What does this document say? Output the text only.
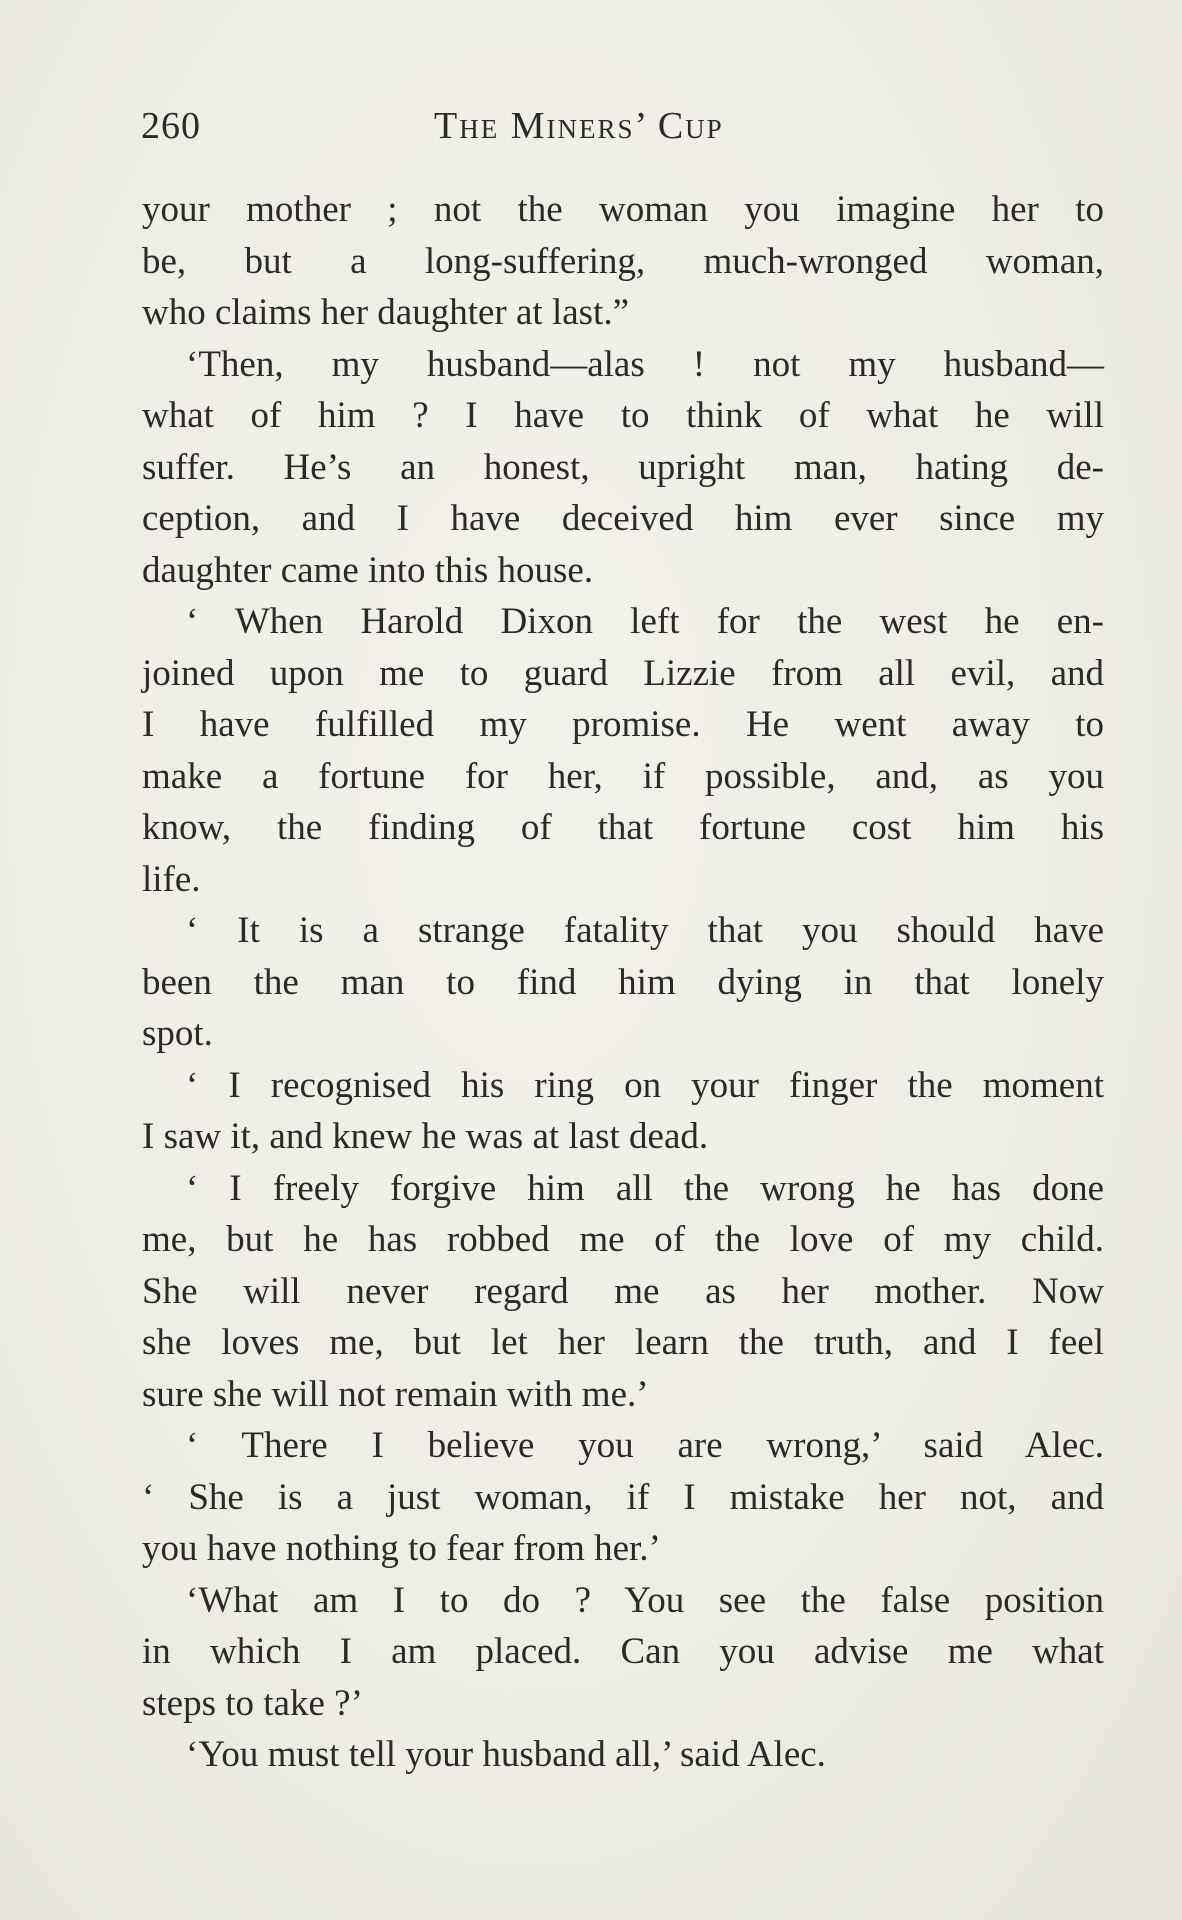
260	The Miners’ Cup
your mother ; not the woman you imagine her to
be, but a long-suffering, much-wronged woman,
who claims her daughter at last.”
‘Then, my husband—alas ! not my husband—
what of him ? I have to think of what he will
suffer. He’s an honest, upright man, hating de-
ception, and I have deceived him ever since my
daughter came into this house.
‘ When Harold Dixon left for the west he en-
joined upon me to guard Lizzie from all evil, and
I have fulfilled my promise. He went away to
make a fortune for her, if possible, and, as you
know, the finding of that fortune cost him his
life.
‘ It is a strange fatality that you should have
been the man to find him dying in that lonely
spot.
‘ I recognised his ring on your finger the moment
I saw it, and knew he was at last dead.
‘ I freely forgive him all the wrong he has done
me, but he has robbed me of the love of my child.
She will never regard me as her mother. Now
she loves me, but let her learn the truth, and I feel
sure she will not remain with me.’
‘ There I believe you are wrong,’ said Alec.
‘ She is a just woman, if I mistake her not, and
you have nothing to fear from her.’
‘What am I to do ? You see the false position
in which I am placed. Can you advise me what
steps to take ?’
‘You must tell your husband all,’ said Alec.
